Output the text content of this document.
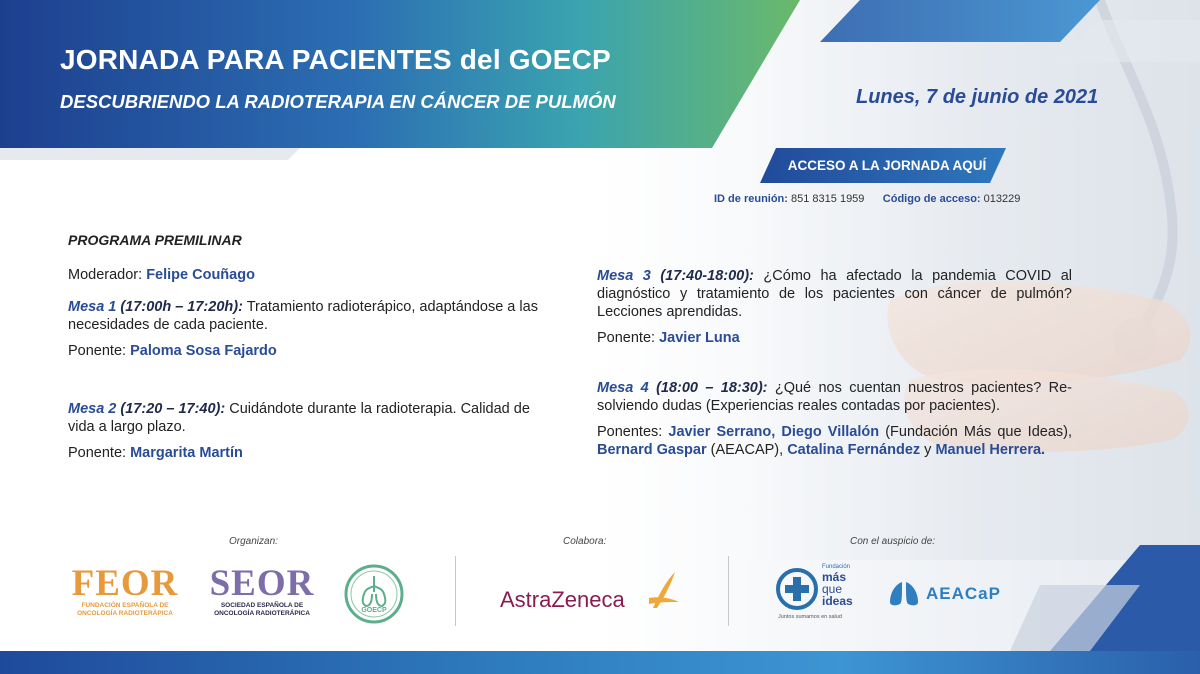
JORNADA PARA PACIENTES del GOECP
DESCUBRIENDO LA RADIOTERAPIA EN CÁNCER DE PULMÓN	Lunes, 7 de junio de 2021
ACCESO A LA JORNADA AQUÍ
ID de reunión: 851 8315 1959 Código de acceso: 013229

PROGRAMA PREMILINAR

Moderador: Felipe Couñago

Mesa 1 (17:00h – 17:20h): Tratamiento radioterápico, adaptándose a las necesidades de cada paciente.

Ponente: Paloma Sosa Fajardo

Mesa 2 (17:20 – 17:40): Cuidándote durante la radioterapia. Calidad de vida a largo plazo.

Ponente: Margarita Martín

Mesa 3 (17:40-18:00): ¿Cómo ha afectado la pandemia COVID al diagnóstico y tratamiento de los pacientes con cáncer de pulmón? Lecciones aprendidas.

Ponente: Javier Luna

Mesa 4 (18:00 – 18:30): ¿Qué nos cuentan nuestros pacientes? Re-solviendo dudas (Experiencias reales contadas por pacientes).

Ponentes: Javier Serrano, Diego Villalón (Fundación Más que Ideas), Bernard Gaspar (AEACAP), Catalina Fernández y Manuel Herrera.

Organizan:	Colabora:	Con el auspicio de:
FEOR
FUNDACIÓN ESPAÑOLA DE
ONCOLOGÍA RADIOTERÁPICA
SEOR
SOCIEDAD ESPAÑOLA DE
ONCOLOGÍA RADIOTERÁPICA	GOECP	AstraZeneca
Fundación
más
que
ideas
Juntos sumamos en salud
AEACaP
